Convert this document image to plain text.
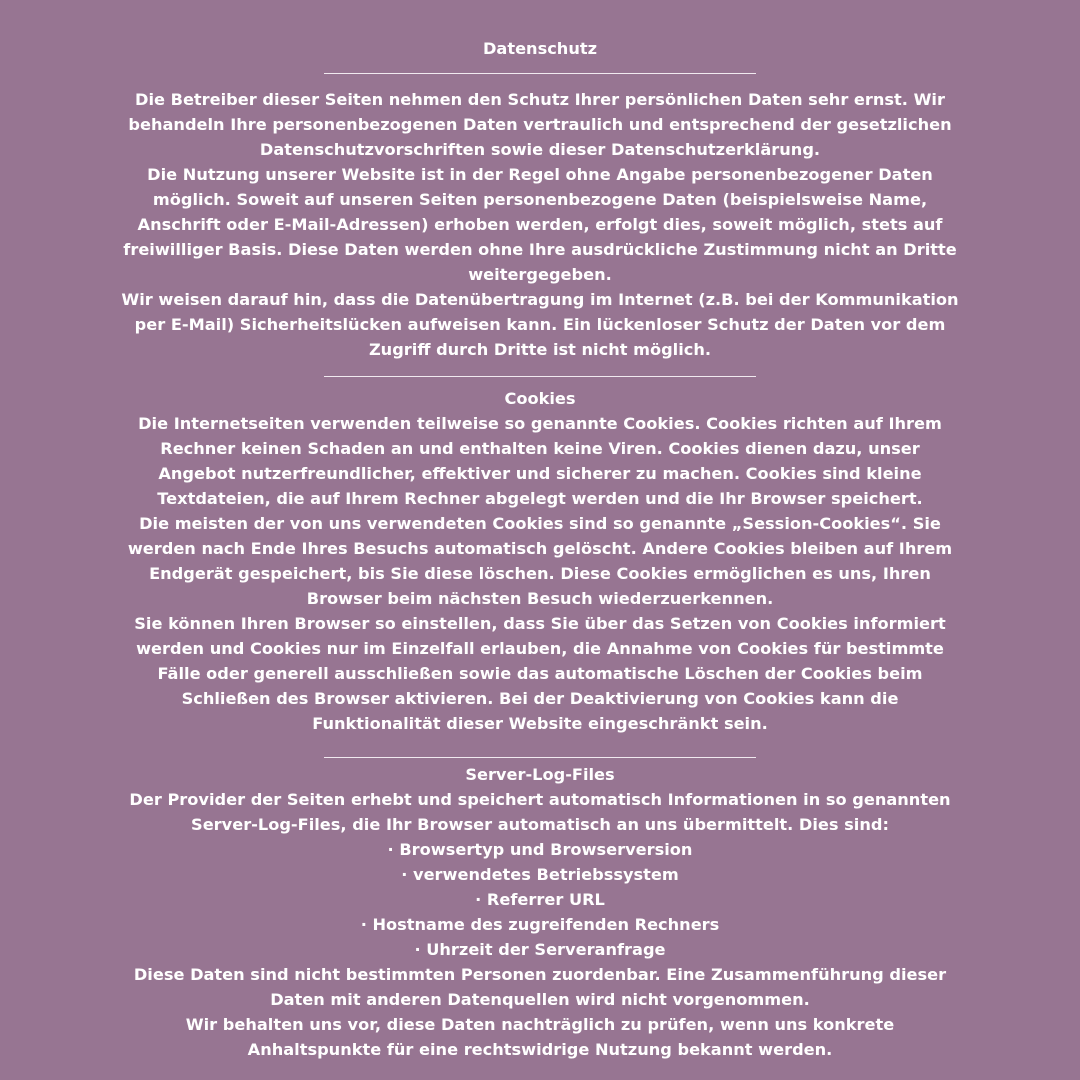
Datenschutz

Die Betreiber dieser Seiten nehmen den Schutz Ihrer persönlichen Daten sehr ernst. Wir behandeln Ihre personenbezogenen Daten vertraulich und entsprechend der gesetzlichen Datenschutzvorschriften sowie dieser Datenschutzerklärung.

Die Nutzung unserer Website ist in der Regel ohne Angabe personenbezogener Daten möglich. Soweit auf unseren Seiten personenbezogene Daten (beispielsweise Name, Anschrift oder E-Mail-Adressen) erhoben werden, erfolgt dies, soweit möglich, stets auf freiwilliger Basis. Diese Daten werden ohne Ihre ausdrückliche Zustimmung nicht an Dritte weitergegeben.

Wir weisen darauf hin, dass die Datenübertragung im Internet (z.B. bei der Kommunikation per E-Mail) Sicherheitslücken aufweisen kann. Ein lückenloser Schutz der Daten vor dem Zugriff durch Dritte ist nicht möglich.

Cookies

Die Internetseiten verwenden teilweise so genannte Cookies. Cookies richten auf Ihrem Rechner keinen Schaden an und enthalten keine Viren. Cookies dienen dazu, unser Angebot nutzerfreundlicher, effektiver und sicherer zu machen. Cookies sind kleine Textdateien, die auf Ihrem Rechner abgelegt werden und die Ihr Browser speichert.

Die meisten der von uns verwendeten Cookies sind so genannte „Session-Cookies“. Sie werden nach Ende Ihres Besuchs automatisch gelöscht. Andere Cookies bleiben auf Ihrem Endgerät gespeichert, bis Sie diese löschen. Diese Cookies ermöglichen es uns, Ihren Browser beim nächsten Besuch wiederzuerkennen.

Sie können Ihren Browser so einstellen, dass Sie über das Setzen von Cookies informiert werden und Cookies nur im Einzelfall erlauben, die Annahme von Cookies für bestimmte Fälle oder generell ausschließen sowie das automatische Löschen der Cookies beim Schließen des Browser aktivieren. Bei der Deaktivierung von Cookies kann die Funktionalität dieser Website eingeschränkt sein.

Server-Log-Files

Der Provider der Seiten erhebt und speichert automatisch Informationen in so genannten Server-Log-Files, die Ihr Browser automatisch an uns übermittelt. Dies sind:

· Browsertyp und Browserversion
· verwendetes Betriebssystem
· Referrer URL
· Hostname des zugreifenden Rechners
· Uhrzeit der Serveranfrage

Diese Daten sind nicht bestimmten Personen zuordenbar. Eine Zusammenführung dieser Daten mit anderen Datenquellen wird nicht vorgenommen.

Wir behalten uns vor, diese Daten nachträglich zu prüfen, wenn uns konkrete Anhaltspunkte für eine rechtswidrige Nutzung bekannt werden.
